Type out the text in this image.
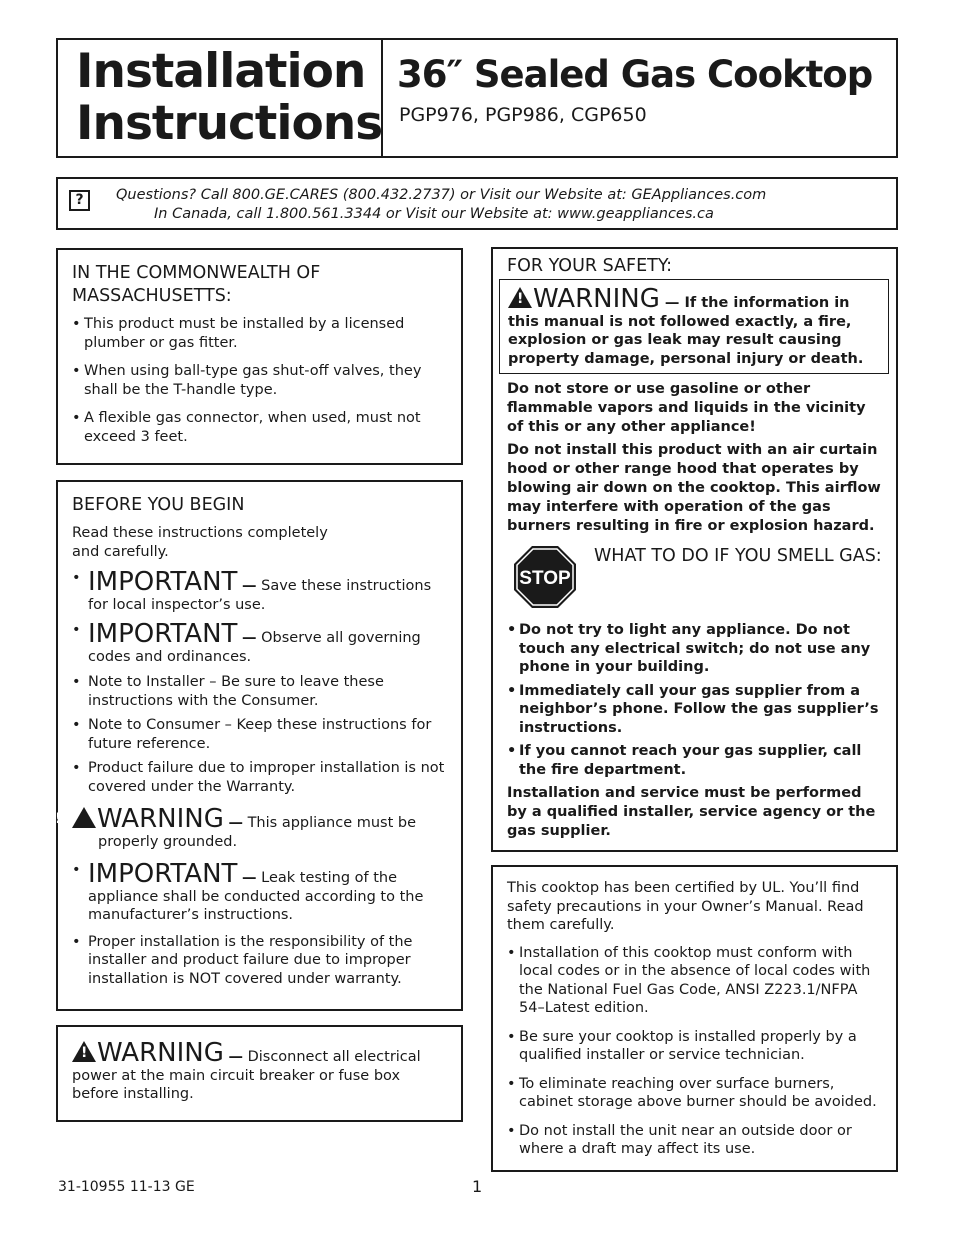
Installation
Instructions
36″ Sealed Gas Cooktop
PGP976, PGP986, CGP650
?	Questions? Call 800.GE.CARES (800.432.2737) or Visit our Website at: GEAppliances.com
In Canada, call 1.800.561.3344 or Visit our Website at: www.geappliances.ca
IN THE COMMONWEALTH OF
MASSACHUSETTS:
• This product must be installed by a licensed plumber or gas fitter.
• When using ball-type gas shut-off valves, they shall be the T-handle type.
• A flexible gas connector, when used, must not exceed 3 feet.
BEFORE YOU BEGIN
Read these instructions completely
and carefully.
• IMPORTANT — Save these instructions for local inspector’s use.
• IMPORTANT — Observe all governing codes and ordinances.
• Note to Installer – Be sure to leave these instructions with the Consumer.
• Note to Consumer – Keep these instructions for future reference.
• Product failure due to improper installation is not covered under the Warranty.
!WARNING — This appliance must be properly grounded.
• IMPORTANT — Leak testing of the appliance shall be conducted according to the manufacturer’s instructions.
• Proper installation is the responsibility of the installer and product failure due to improper installation is NOT covered under warranty.
!WARNING — Disconnect all electrical power at the main circuit breaker or fuse box before installing.
FOR YOUR SAFETY:
!WARNING — If the information in this manual is not followed exactly, a fire, explosion or gas leak may result causing property damage, personal injury or death.

Do not store or use gasoline or other flammable vapors and liquids in the vicinity of this or any other appliance!

Do not install this product with an air curtain hood or other range hood that operates by blowing air down on the cooktop. This airflow may interfere with operation of the gas burners resulting in fire or explosion hazard.

STOP
WHAT TO DO IF YOU SMELL GAS:
• Do not try to light any appliance. Do not touch any electrical switch; do not use any phone in your building.
• Immediately call your gas supplier from a neighbor’s phone. Follow the gas supplier’s instructions.
• If you cannot reach your gas supplier, call the fire department.

Installation and service must be performed by a qualified installer, service agency or the gas supplier.

This cooktop has been certified by UL. You’ll find safety precautions in your Owner’s Manual. Read them carefully.

• Installation of this cooktop must conform with local codes or in the absence of local codes with the National Fuel Gas Code, ANSI Z223.1/NFPA 54–Latest edition.
• Be sure your cooktop is installed properly by a qualified installer or service technician.
• To eliminate reaching over surface burners, cabinet storage above burner should be avoided.
• Do not install the unit near an outside door or where a draft may affect its use.
31-10955 11-13 GE	1
